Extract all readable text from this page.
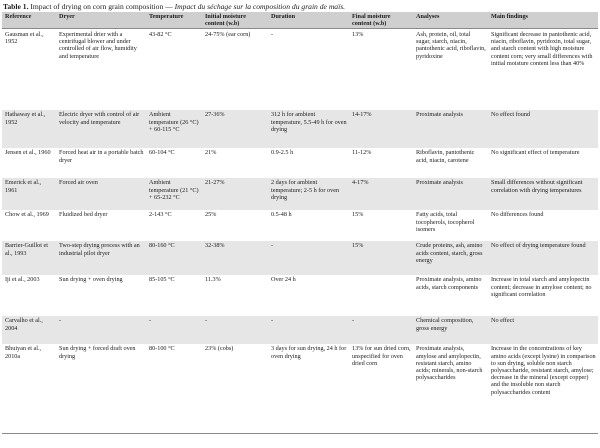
Table 1. Impact of drying on corn grain composition — Impact du séchage sur la composition du grain de maïs.
Reference	Dryer	Temperature	Initial moisture content (w.b)	Duration	Final moisture content (w.b)	Analyses	Main findings
Gausman et al., 1952	Experimental drier with a centrifugal blower and under controlled of air flow, humidity and temperature	43-82 °C	24-75% (ear corn)	-	13%	Ash, protein, oil, total sugar, starch, niacin, pantothenic acid, riboflavin, pyridoxine	Significant decrease in pantothenic acid, niacin, riboflavin, pyridoxin, total sugar, and starch content with high moisture content corn; very small differences with initial moisture content less than 40%
Hathaway et al., 1952	Electric dryer with control of air velocity and temperature	Ambient temperature (26 °C) + 60-115 °C	27-36%	312 h for ambient temperature, 5.5-49 h for oven drying	14-17%	Proximate analysis	No effect found
Jensen et al., 1960	Forced heat air in a portable batch dryer	60-104 °C	21%	0.9-2.5 h	11-12%	Riboflavin, pantothenic acid, niacin, carotene	No significant effect of temperature
Emerick et al., 1961	Forced air oven	Ambient temperature (21 °C) + 65-232 °C	21-27%	2 days for ambient temperature; 2-5 h for oven drying	4-17%	Proximate analysis	Small differences without significant correlation with drying temperatures
Chow et al., 1969	Fluidized bed dryer	2-143 °C	25%	0.5-48 h	15%	Fatty acids, total tocopherols, tocopherol isomers	No differences found
Barrier-Guillot et al., 1993	Two-step drying process with an industrial pilot dryer	80-160 °C	32-38%	-	15%	Crude proteins, ash, amino acids content, starch, gross energy	No effect of drying temperature found
Iji et al., 2003	Sun drying + oven drying	85-105 °C	11.3%	Over 24 h		Proximate analysis, amino acids, starch components	Increase in total starch and amylopectin content; decrease in amylose content; no significant correlation
Carvalho et al., 2004	-	-	-	-	-	Chemical composition, gross energy	No effect
Bhuiyan et al., 2010a	Sun drying + forced draft oven drying	80-100 °C	23% (cobs)	3 days for sun drying, 24 h for oven drying	13% for sun dried corn, unspecified for oven dried corn	Proximate analysis, amylose and amylopectin, resistant starch, amino acids; minerals, non-starch polysaccharides	Increase in the concentrations of key amino acids (except lysine) in comparison to sun drying, soluble non starch polysaccharide, resistant starch, amylose; decrease in the mineral (except copper) and the insoluble non starch polysaccharides content
